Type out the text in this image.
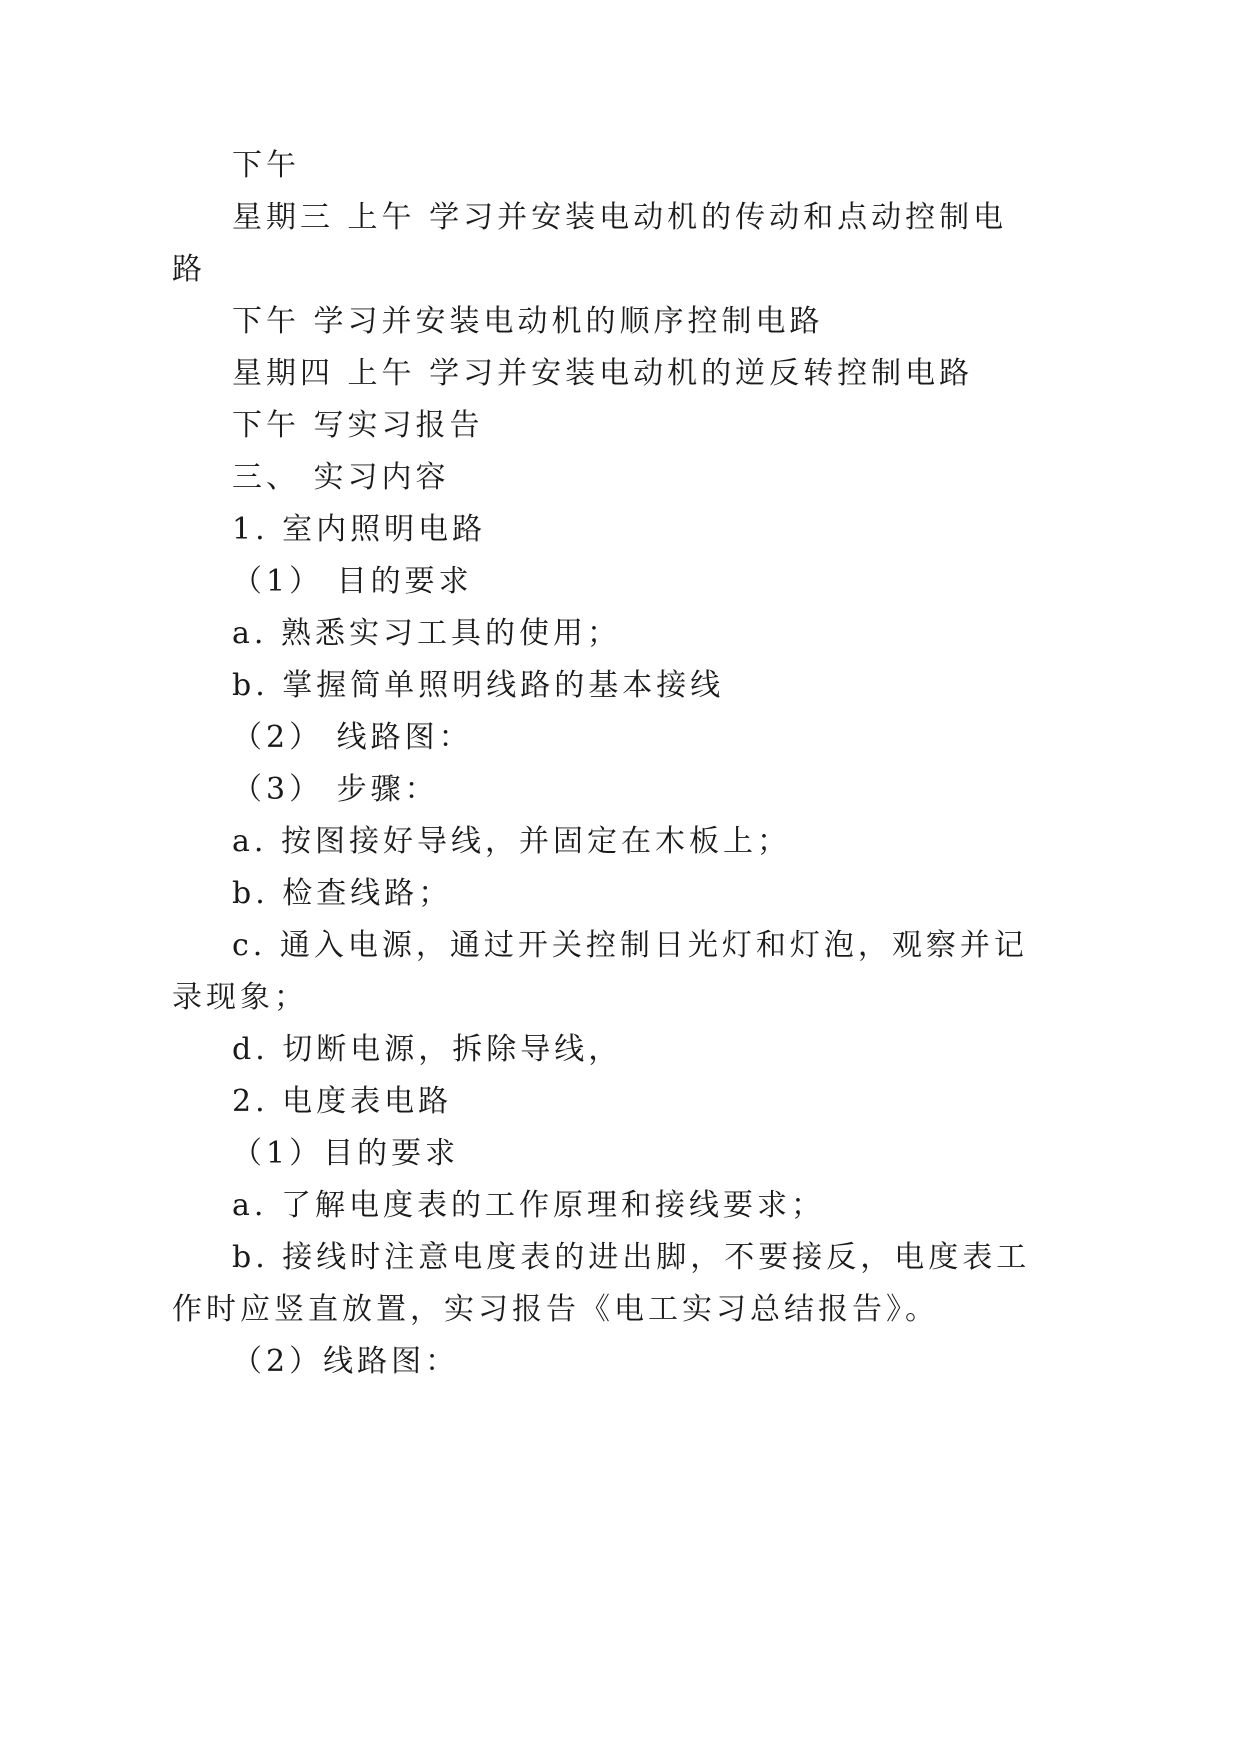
下午
星期三 上午 学习并安装电动机的传动和点动控制电
路
下午 学习并安装电动机的顺序控制电路
星期四 上午 学习并安装电动机的逆反转控制电路
下午 写实习报告
三、 实习内容
1. 室内照明电路
（1） 目的要求
a. 熟悉实习工具的使用；
b. 掌握简单照明线路的基本接线
（2） 线路图：
（3） 步骤：
a. 按图接好导线，并固定在木板上；
b. 检查线路；
c. 通入电源，通过开关控制日光灯和灯泡，观察并记
录现象；
d. 切断电源，拆除导线，
2. 电度表电路
（1）目的要求
a. 了解电度表的工作原理和接线要求；
b. 接线时注意电度表的进出脚，不要接反，电度表工
作时应竖直放置，实习报告《电工实习总结报告》。
（2）线路图：
